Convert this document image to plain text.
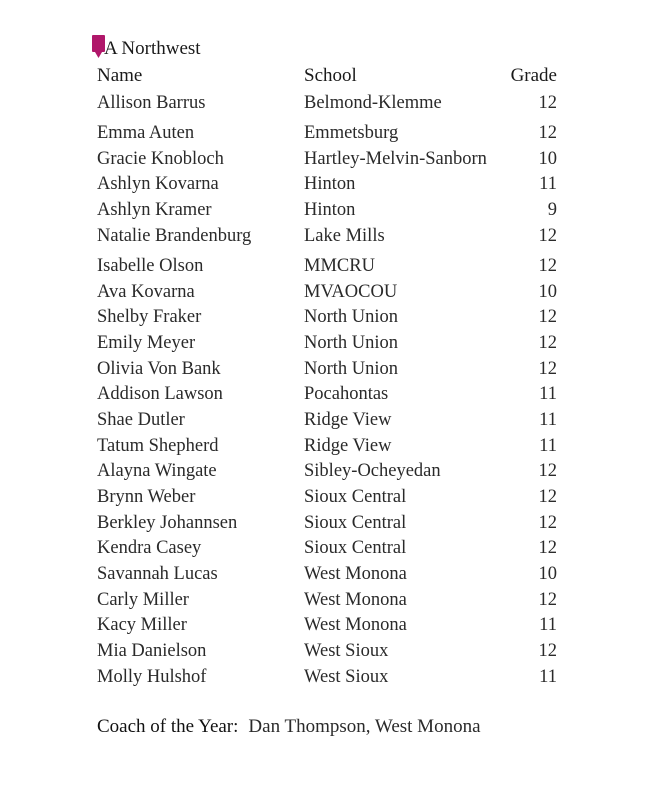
A Northwest
Name	School	Grade
Allison Barrus	Belmond-Klemme	12
Emma Auten	Emmetsburg	12
Gracie Knobloch	Hartley-Melvin-Sanborn	10
Ashlyn Kovarna	Hinton	11
Ashlyn Kramer	Hinton	9
Natalie Brandenburg	Lake Mills	12
Isabelle Olson	MMCRU	12
Ava Kovarna	MVAOCOU	10
Shelby Fraker	North Union	12
Emily Meyer	North Union	12
Olivia Von Bank	North Union	12
Addison Lawson	Pocahontas	11
Shae Dutler	Ridge View	11
Tatum Shepherd	Ridge View	11
Alayna Wingate	Sibley-Ocheyedan	12
Brynn Weber	Sioux Central	12
Berkley Johannsen	Sioux Central	12
Kendra Casey	Sioux Central	12
Savannah Lucas	West Monona	10
Carly Miller	West Monona	12
Kacy Miller	West Monona	11
Mia Danielson	West Sioux	12
Molly Hulshof	West Sioux	11
Coach of the Year: Dan Thompson, West Monona
